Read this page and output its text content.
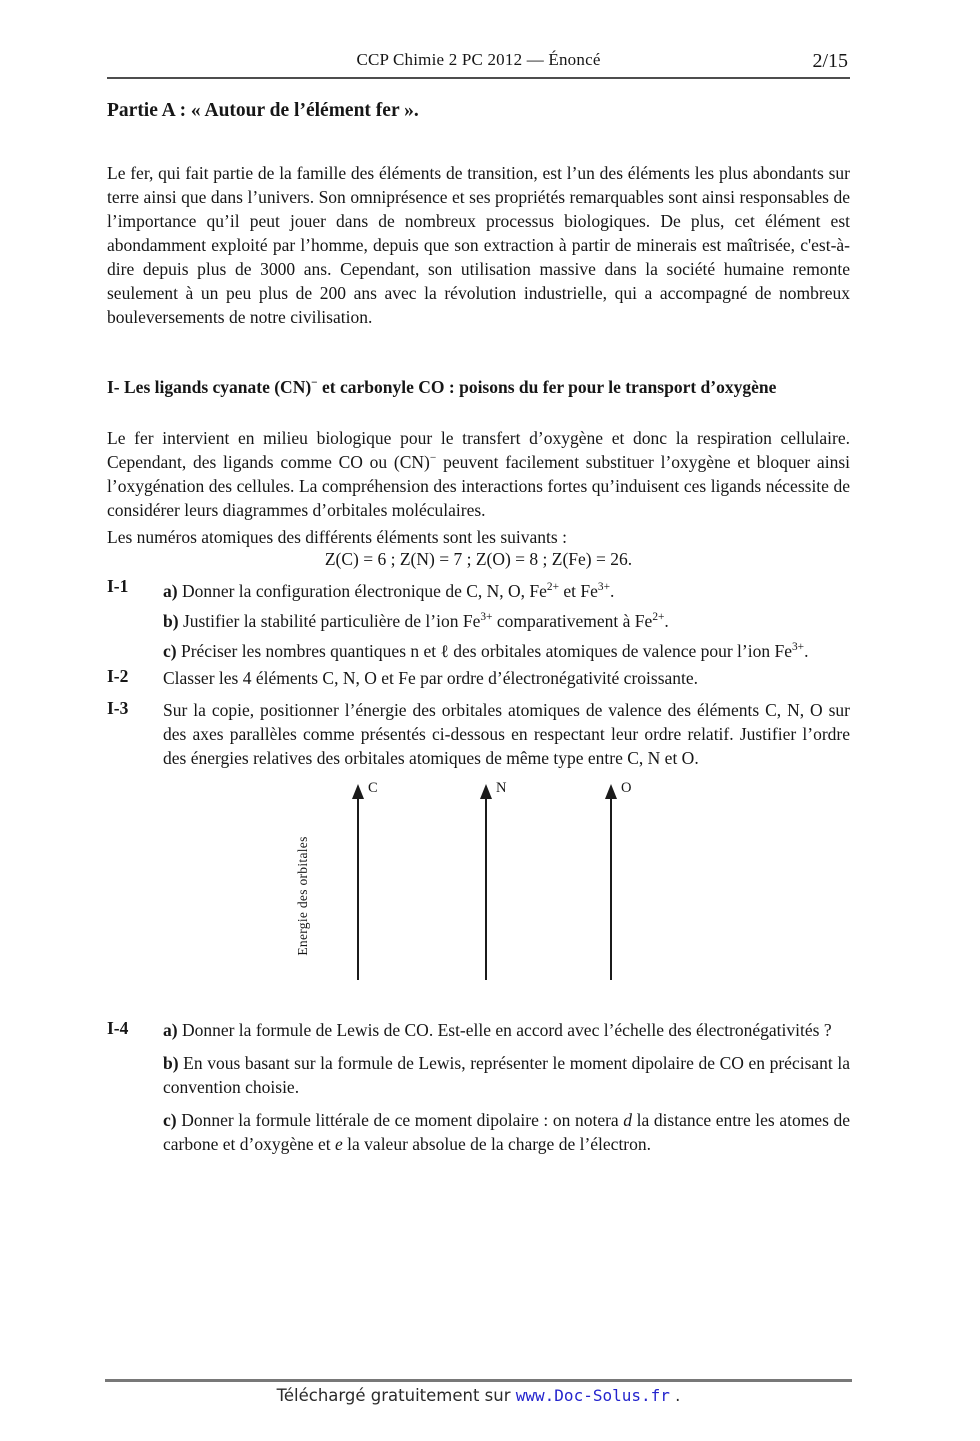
CCP Chimie 2 PC 2012 — Énoncé	2/15
Partie A : « Autour de l’élément fer ».
Le fer, qui fait partie de la famille des éléments de transition, est l’un des éléments les plus abondants sur terre ainsi que dans l’univers. Son omniprésence et ses propriétés remarquables sont ainsi responsables de l’importance qu’il peut jouer dans de nombreux processus biologiques. De plus, cet élément est abondamment exploité par l’homme, depuis que son extraction à partir de minerais est maîtrisée, c'est-à-dire depuis plus de 3000 ans. Cependant, son utilisation massive dans la société humaine remonte seulement à un peu plus de 200 ans avec la révolution industrielle, qui a accompagné de nombreux bouleversements de notre civilisation.
I- Les ligands cyanate (CN)− et carbonyle CO : poisons du fer pour le transport d’oxygène
Le fer intervient en milieu biologique pour le transfert d’oxygène et donc la respiration cellulaire. Cependant, des ligands comme CO ou (CN)− peuvent facilement substituer l’oxygène et bloquer ainsi l’oxygénation des cellules. La compréhension des interactions fortes qu’induisent ces ligands nécessite de considérer leurs diagrammes d’orbitales moléculaires.
Les numéros atomiques des différents éléments sont les suivants :
Z(C) = 6 ; Z(N) = 7 ; Z(O) = 8 ; Z(Fe) = 26.
I-1	a) Donner la configuration électronique de C, N, O, $Fe^{2+}$ et $Fe^{3+}$.
b) Justifier la stabilité particulière de l’ion $Fe^{3+}$ comparativement à $Fe^{2+}$.
c) Préciser les nombres quantiques n et ℓ des orbitales atomiques de valence pour l’ion $Fe^{3+}$.
I-2	Classer les 4 éléments C, N, O et Fe par ordre d’électronégativité croissante.
I-3	Sur la copie, positionner l’énergie des orbitales atomiques de valence des éléments C, N, O sur des axes parallèles comme présentés ci-dessous en respectant leur ordre relatif. Justifier l’ordre des énergies relatives des orbitales atomiques de même type entre C, N et O.
Energie des orbitales
C	N	O
I-4	a) Donner la formule de Lewis de CO. Est-elle en accord avec l’échelle des électronégativités ?
b) En vous basant sur la formule de Lewis, représenter le moment dipolaire de CO en précisant la convention choisie.
c) Donner la formule littérale de ce moment dipolaire : on notera d la distance entre les atomes de carbone et d’oxygène et e la valeur absolue de la charge de l’électron.
Téléchargé gratuitement sur www.Doc-Solus.fr .
